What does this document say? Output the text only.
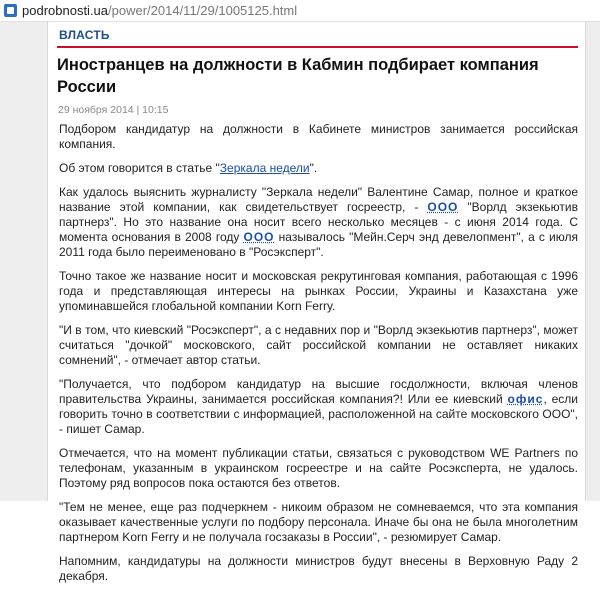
podrobnosti.ua/power/2014/11/29/1005125.html
ВЛАСТЬ
Иностранцев на должности в Кабмин подбирает компания России
29 ноября 2014 | 10:15

Подбором кандидатур на должности в Кабинете министров занимается российская компания.

Об этом говорится в статье "Зеркала недели".

Как удалось выяснить журналисту "Зеркала недели" Валентине Самар, полное и краткое название этой компании, как свидетельствует госреестр, - ООО "Ворлд экзекьютив партнерз". Но это название она носит всего несколько месяцев - с июня 2014 года. С момента основания в 2008 году ООО называлось "Мейн.Серч энд девелопмент", а с июля 2011 года было переименовано в "Росэксперт".

Точно такое же название носит и московская рекрутинговая компания, работающая с 1996 года и представляющая интересы на рынках России, Украины и Казахстана уже упоминавшейся глобальной компании Korn Ferry.

"И в том, что киевский "Росэксперт", а с недавних пор и "Ворлд экзекьютив партнерз", может считаться "дочкой" московского, сайт российской компании не оставляет никаких сомнений", - отмечает автор статьи.

"Получается, что подбором кандидатур на высшие госдолжности, включая членов правительства Украины, занимается российская компания?! Или ее киевский офис, если говорить точно в соответствии с информацией, расположенной на сайте московского ООО", - пишет Самар.

Отмечается, что на момент публикации статьи, связаться с руководством WE Partners по телефонам, указанным в украинском госреестре и на сайте Росэксперта, не удалось. Поэтому ряд вопросов пока остаются без ответов.

"Тем не менее, еще раз подчеркнем - никоим образом не сомневаемся, что эта компания оказывает качественные услуги по подбору персонала. Иначе бы она не была многолетним партнером Korn Ferry и не получала госзаказы в России", - резюмирует Самар.

Напомним, кандидатуры на должности министров будут внесены в Верховную Раду 2 декабря.
